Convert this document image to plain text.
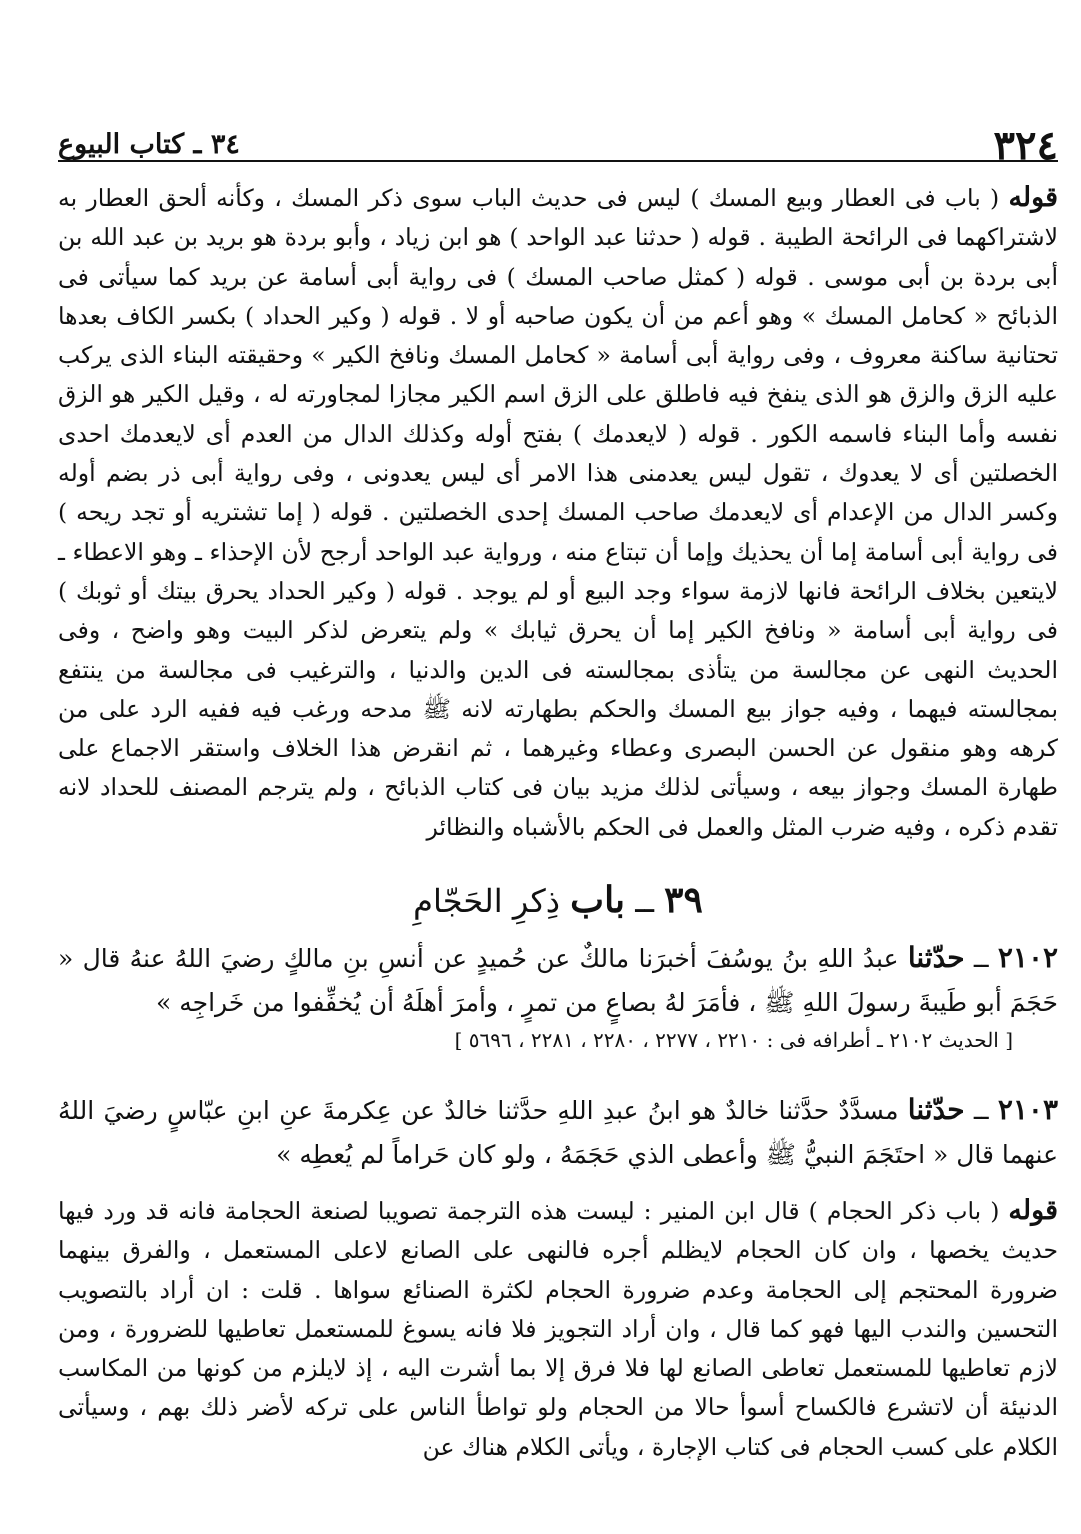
٣٢٤
٣٤ ـ كتاب البيوع
قوله ( باب فى العطار وبيع المسك ) ليس فى حديث الباب سوى ذكر المسك ، وكأنه ألحق العطار به لاشتراكهما فى الرائحة الطيبة . قوله ( حدثنا عبد الواحد ) هو ابن زياد ، وأبو بردة هو بريد بن عبد الله بن أبى بردة بن أبى موسى . قوله ( كمثل صاحب المسك ) فى رواية أبى أسامة عن بريد كما سيأتى فى الذبائح « كحامل المسك » وهو أعم من أن يكون صاحبه أو لا . قوله ( وكير الحداد ) بكسر الكاف بعدها تحتانية ساكنة معروف ، وفى رواية أبى أسامة « كحامل المسك ونافخ الكير » وحقيقته البناء الذى يركب عليه الزق والزق هو الذى ينفخ فيه فاطلق على الزق اسم الكير مجازا لمجاورته له ، وقيل الكير هو الزق نفسه وأما البناء فاسمه الكور . قوله ( لايعدمك ) بفتح أوله وكذلك الدال من العدم أى لايعدمك احدى الخصلتين أى لا يعدوك ، تقول ليس يعدمنى هذا الامر أى ليس يعدونى ، وفى رواية أبى ذر بضم أوله وكسر الدال من الإعدام أى لايعدمك صاحب المسك إحدى الخصلتين . قوله ( إما تشتريه أو تجد ريحه ) فى رواية أبى أسامة إما أن يحذيك وإما أن تبتاع منه ، ورواية عبد الواحد أرجح لأن الإحذاء ـ وهو الاعطاء ـ لايتعين بخلاف الرائحة فانها لازمة سواء وجد البيع أو لم يوجد . قوله ( وكير الحداد يحرق بيتك أو ثوبك ) فى رواية أبى أسامة « ونافخ الكير إما أن يحرق ثيابك » ولم يتعرض لذكر البيت وهو واضح ، وفى الحديث النهى عن مجالسة من يتأذى بمجالسته فى الدين والدنيا ، والترغيب فى مجالسة من ينتفع بمجالسته فيهما ، وفيه جواز بيع المسك والحكم بطهارته لانه ﷺ مدحه ورغب فيه ففيه الرد على من كرهه وهو منقول عن الحسن البصرى وعطاء وغيرهما ، ثم انقرض هذا الخلاف واستقر الاجماع على طهارة المسك وجواز بيعه ، وسيأتى لذلك مزيد بيان فى كتاب الذبائح ، ولم يترجم المصنف للحداد لانه تقدم ذكره ، وفيه ضرب المثل والعمل فى الحكم بالأشباه والنظائر
٣٩ ــ باب ذِكرِ الحَجّامِ
٢١٠٢ ــ حدّثنا عبدُ اللهِ بنُ يوسُفَ أخبرَنا مالكٌ عن حُميدٍ عن أنسِ بنِ مالكٍ رضيَ اللهُ عنهُ قال « حَجَمَ أبو طَيبةَ رسولَ اللهِ ﷺ ، فأمَرَ لهُ بصاعٍ من تمرٍ ، وأمرَ أهلَهُ أن يُخفِّفوا من خَراجِه »
[ الحديث ٢١٠٢ ـ أطرافه فى : ٢٢١٠ ، ٢٢٧٧ ، ٢٢٨٠ ، ٢٢٨١ ، ٥٦٩٦ ]
٢١٠٣ ــ حدّثنا مسدَّدٌ حدَّثنا خالدٌ هو ابنُ عبدِ اللهِ حدَّثنا خالدٌ عن عِكرمةَ عنِ ابنِ عبّاسٍ رضيَ اللهُ عنهما قال « احتَجَمَ النبيُّ ﷺ وأعطى الذي حَجَمَهُ ، ولو كان حَراماً لم يُعطِه »
قوله ( باب ذكر الحجام ) قال ابن المنير : ليست هذه الترجمة تصويبا لصنعة الحجامة فانه قد ورد فيها حديث يخصها ، وان كان الحجام لايظلم أجره فالنهى على الصانع لاعلى المستعمل ، والفرق بينهما ضرورة المحتجم إلى الحجامة وعدم ضرورة الحجام لكثرة الصنائع سواها . قلت : ان أراد بالتصويب التحسين والندب اليها فهو كما قال ، وان أراد التجويز فلا فانه يسوغ للمستعمل تعاطيها للضرورة ، ومن لازم تعاطيها للمستعمل تعاطى الصانع لها فلا فرق إلا بما أشرت اليه ، إذ لايلزم من كونها من المكاسب الدنيئة أن لاتشرع فالكساح أسوأ حالا من الحجام ولو تواطأ الناس على تركه لأضر ذلك بهم ، وسيأتى الكلام على كسب الحجام فى كتاب الإجارة ، ويأتى الكلام هناك عن
